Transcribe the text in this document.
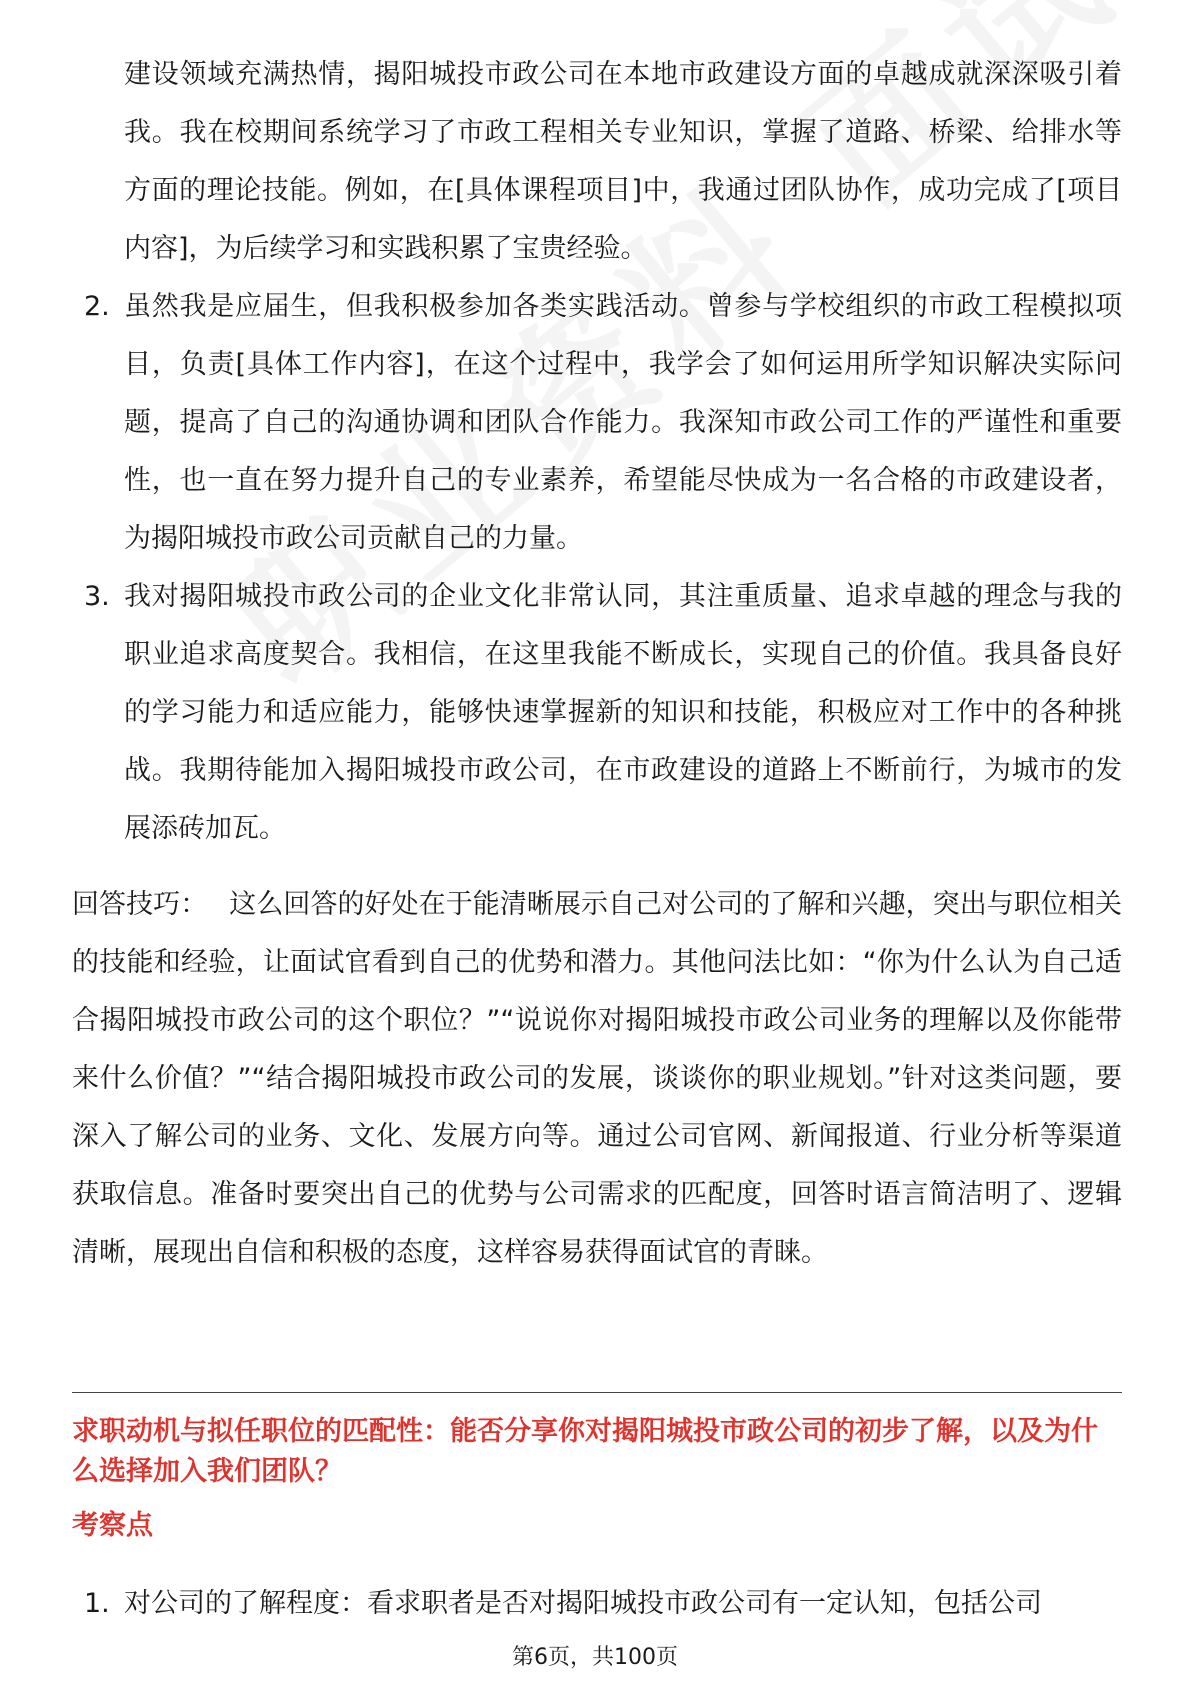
建设领域充满热情，揭阳城投市政公司在本地市政建设方面的卓越成就深深吸引着我。我在校期间系统学习了市政工程相关专业知识，掌握了道路、桥梁、给排水等方面的理论技能。例如，在[具体课程项目]中，我通过团队协作，成功完成了[项目内容]，为后续学习和实践积累了宝贵经验。
2. 虽然我是应届生，但我积极参加各类实践活动。曾参与学校组织的市政工程模拟项目，负责[具体工作内容]，在这个过程中，我学会了如何运用所学知识解决实际问题，提高了自己的沟通协调和团队合作能力。我深知市政公司工作的严谨性和重要性，也一直在努力提升自己的专业素养，希望能尽快成为一名合格的市政建设者，为揭阳城投市政公司贡献自己的力量。
3. 我对揭阳城投市政公司的企业文化非常认同，其注重质量、追求卓越的理念与我的职业追求高度契合。我相信，在这里我能不断成长，实现自己的价值。我具备良好的学习能力和适应能力，能够快速掌握新的知识和技能，积极应对工作中的各种挑战。我期待能加入揭阳城投市政公司，在市政建设的道路上不断前行，为城市的发展添砖加瓦。
回答技巧： 这么回答的好处在于能清晰展示自己对公司的了解和兴趣，突出与职位相关的技能和经验，让面试官看到自己的优势和潜力。其他问法比如：“你为什么认为自己适合揭阳城投市政公司的这个职位？”“说说你对揭阳城投市政公司业务的理解以及你能带来什么价值？”“结合揭阳城投市政公司的发展，谈谈你的职业规划。”针对这类问题，要深入了解公司的业务、文化、发展方向等。通过公司官网、新闻报道、行业分析等渠道获取信息。准备时要突出自己的优势与公司需求的匹配度，回答时语言简洁明了、逻辑清晰，展现出自信和积极的态度，这样容易获得面试官的青睐。
求职动机与拟任职位的匹配性：能否分享你对揭阳城投市政公司的初步了解，以及为什么选择加入我们团队？
考察点
1. 对公司的了解程度：看求职者是否对揭阳城投市政公司有一定认知，包括公司
第6页，共100页
